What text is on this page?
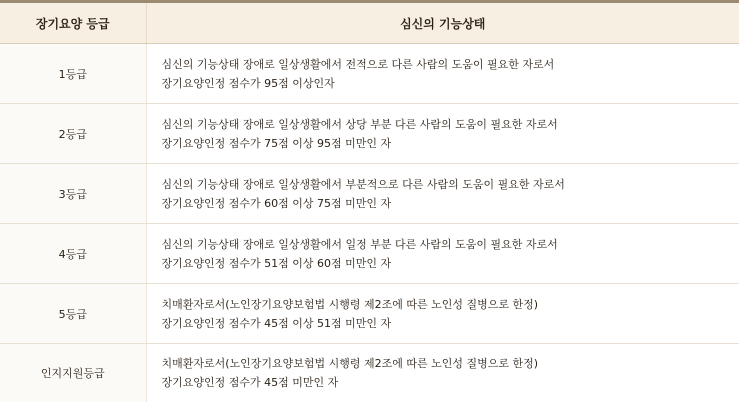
장기요양 등급	심신의 기능상태
1등급	심신의 기능상태 장애로 일상생활에서 전적으로 다른 사람의 도움이 필요한 자로서
장기요양인정 점수가 95점 이상인자

2등급	심신의 기능상태 장애로 일상생활에서 상당 부분 다른 사람의 도움이 필요한 자로서
장기요양인정 점수가 75점 이상 95점 미만인 자

3등급	심신의 기능상태 장애로 일상생활에서 부분적으로 다른 사람의 도움이 필요한 자로서
장기요양인정 점수가 60점 이상 75점 미만인 자

4등급	심신의 기능상태 장애로 일상생활에서 일정 부분 다른 사람의 도움이 필요한 자로서
장기요양인정 점수가 51점 이상 60점 미만인 자

5등급	치매환자로서(노인장기요양보험법 시행령 제2조에 따른 노인성 질병으로 한정)
장기요양인정 점수가 45점 이상 51점 미만인 자

인지지원등급	치매환자로서(노인장기요양보험법 시행령 제2조에 따른 노인성 질병으로 한정)
장기요양인정 점수가 45점 미만인 자
